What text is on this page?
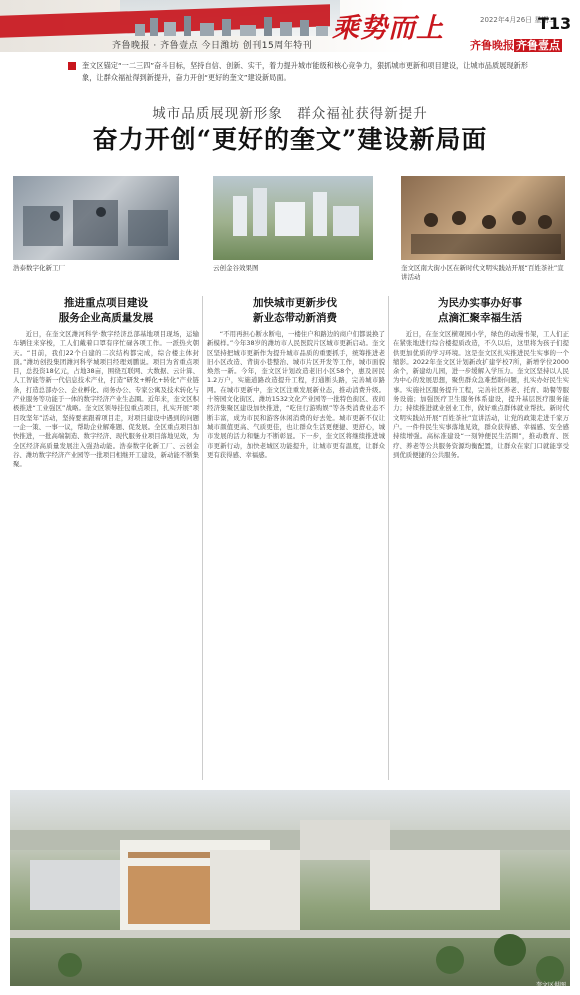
齐鲁晚报 · 齐鲁壹点 今日潍坊 创刊15周年特刊
乘势而上	2022年4月26日 星期二
T13
齐鲁晚报 齐鲁壹点
奎文区锚定“一二三四”奋斗目标，坚持自信、创新、实干，着力提升城市能级和核心竞争力，狠抓城市更新和项目建设，让城市品质展现新形象，让群众福祉得到新提升，奋力开创“更好的奎文”建设新局面。
城市品质展现新形象　群众福祉获得新提升
奋力开创“更好的奎文”建设新局面
浩泰数字化新工厂	云创金谷效果图	奎文区南大街小区在新时代文明实践站开展“百姓茶社”宣讲活动
推进重点项目建设
服务企业高质量发展
加快城市更新步伐
新业态带动新消费
为民办实事办好事
点滴汇聚幸福生活
近日，在奎文区潍河科学·数字经济总部基地项目现场，运输车辆往来穿梭，工人们戴着口罩有序忙碌各项工作。一派热火朝天。“目前，我们22个自建的二次结构都完成，综合楼主体封顶。”潍坊创投集团潍河科学城项目经理刘鹏说。项目为省重点项目，总投资18亿元，占地38亩，围绕互联网、大数据、云计算、人工智能等新一代信息技术产业，打造“研发+孵化+转化”产业链条，打造总部办公、企业孵化、商务办公、专家公寓及技术转化与产业服务等功能于一体的数字经济产业生态圈。近年来，奎文区积极推进“工业强区”战略。奎文区领导挂包重点项目，扎实开展“项目攻坚年”活动，坚持要素跟着项目走，对项目建设中遇到的问题一企一策、一事一议，帮助企业解难题、促发展。全区重点项目加快推进，一批高端制造、数字经济、现代服务业项目落地见效，为全区经济高质量发展注入强劲动能。浩泰数字化新工厂、云创金谷、潍坊数字经济产业园等一批项目相继开工建设，新动能不断集聚。
“不用再担心断水断电，一楼住户和路边的商户们都说换了新模样。”今年38岁的潍坊市人民医院片区城市更新启动。奎文区坚持把城市更新作为提升城市品质的重要抓手，统筹推进老旧小区改造、背街小巷整治、城市片区开发等工作，城市面貌焕然一新。今年，奎文区计划改造老旧小区58个，惠及居民1.2万户，实施道路改造提升工程，打通断头路，完善城市路网。在城市更新中，奎文区注重发展新业态，推动消费升级。十笏园文化街区、潍坊1532文化产业园等一批特色街区、夜间经济集聚区建设加快推进，“吃住行游购娱”等各类消费业态不断丰富，成为市民和游客休闲消费的好去处。城市更新不仅让城市颜值更高、气质更佳，也让群众生活更便捷、更舒心，城市发展的活力和魅力不断彰显。下一步，奎文区将继续推进城市更新行动，加快老城区功能提升，让城市更有温度，让群众更有获得感、幸福感。
近日，在奎文区横观园小学，绿色的动漫书架，工人们正在紧张地进行综合楼提质改造，不久以后，这里将为孩子们提供更加优质的学习环境。这是奎文区扎实推进民生实事的一个缩影。2022年奎文区计划新改扩建学校7所，新增学位2000余个，新建幼儿园，进一步缓解入学压力。奎文区坚持以人民为中心的发展思想，聚焦群众急难愁盼问题，扎实办好民生实事。实施社区服务提升工程，完善社区养老、托育、助餐等服务设施；加强医疗卫生服务体系建设，提升基层医疗服务能力；持续推进就业创业工作，做好重点群体就业帮扶。新时代文明实践站开展“百姓茶社”宣讲活动，让党的政策走进千家万户。一件件民生实事落地见效，群众获得感、幸福感、安全感持续增强。高标准建设“一刻钟便民生活圈”，推动教育、医疗、养老等公共服务资源均衡配置，让群众在家门口就能享受到优质便捷的公共服务。
奎文区供图
